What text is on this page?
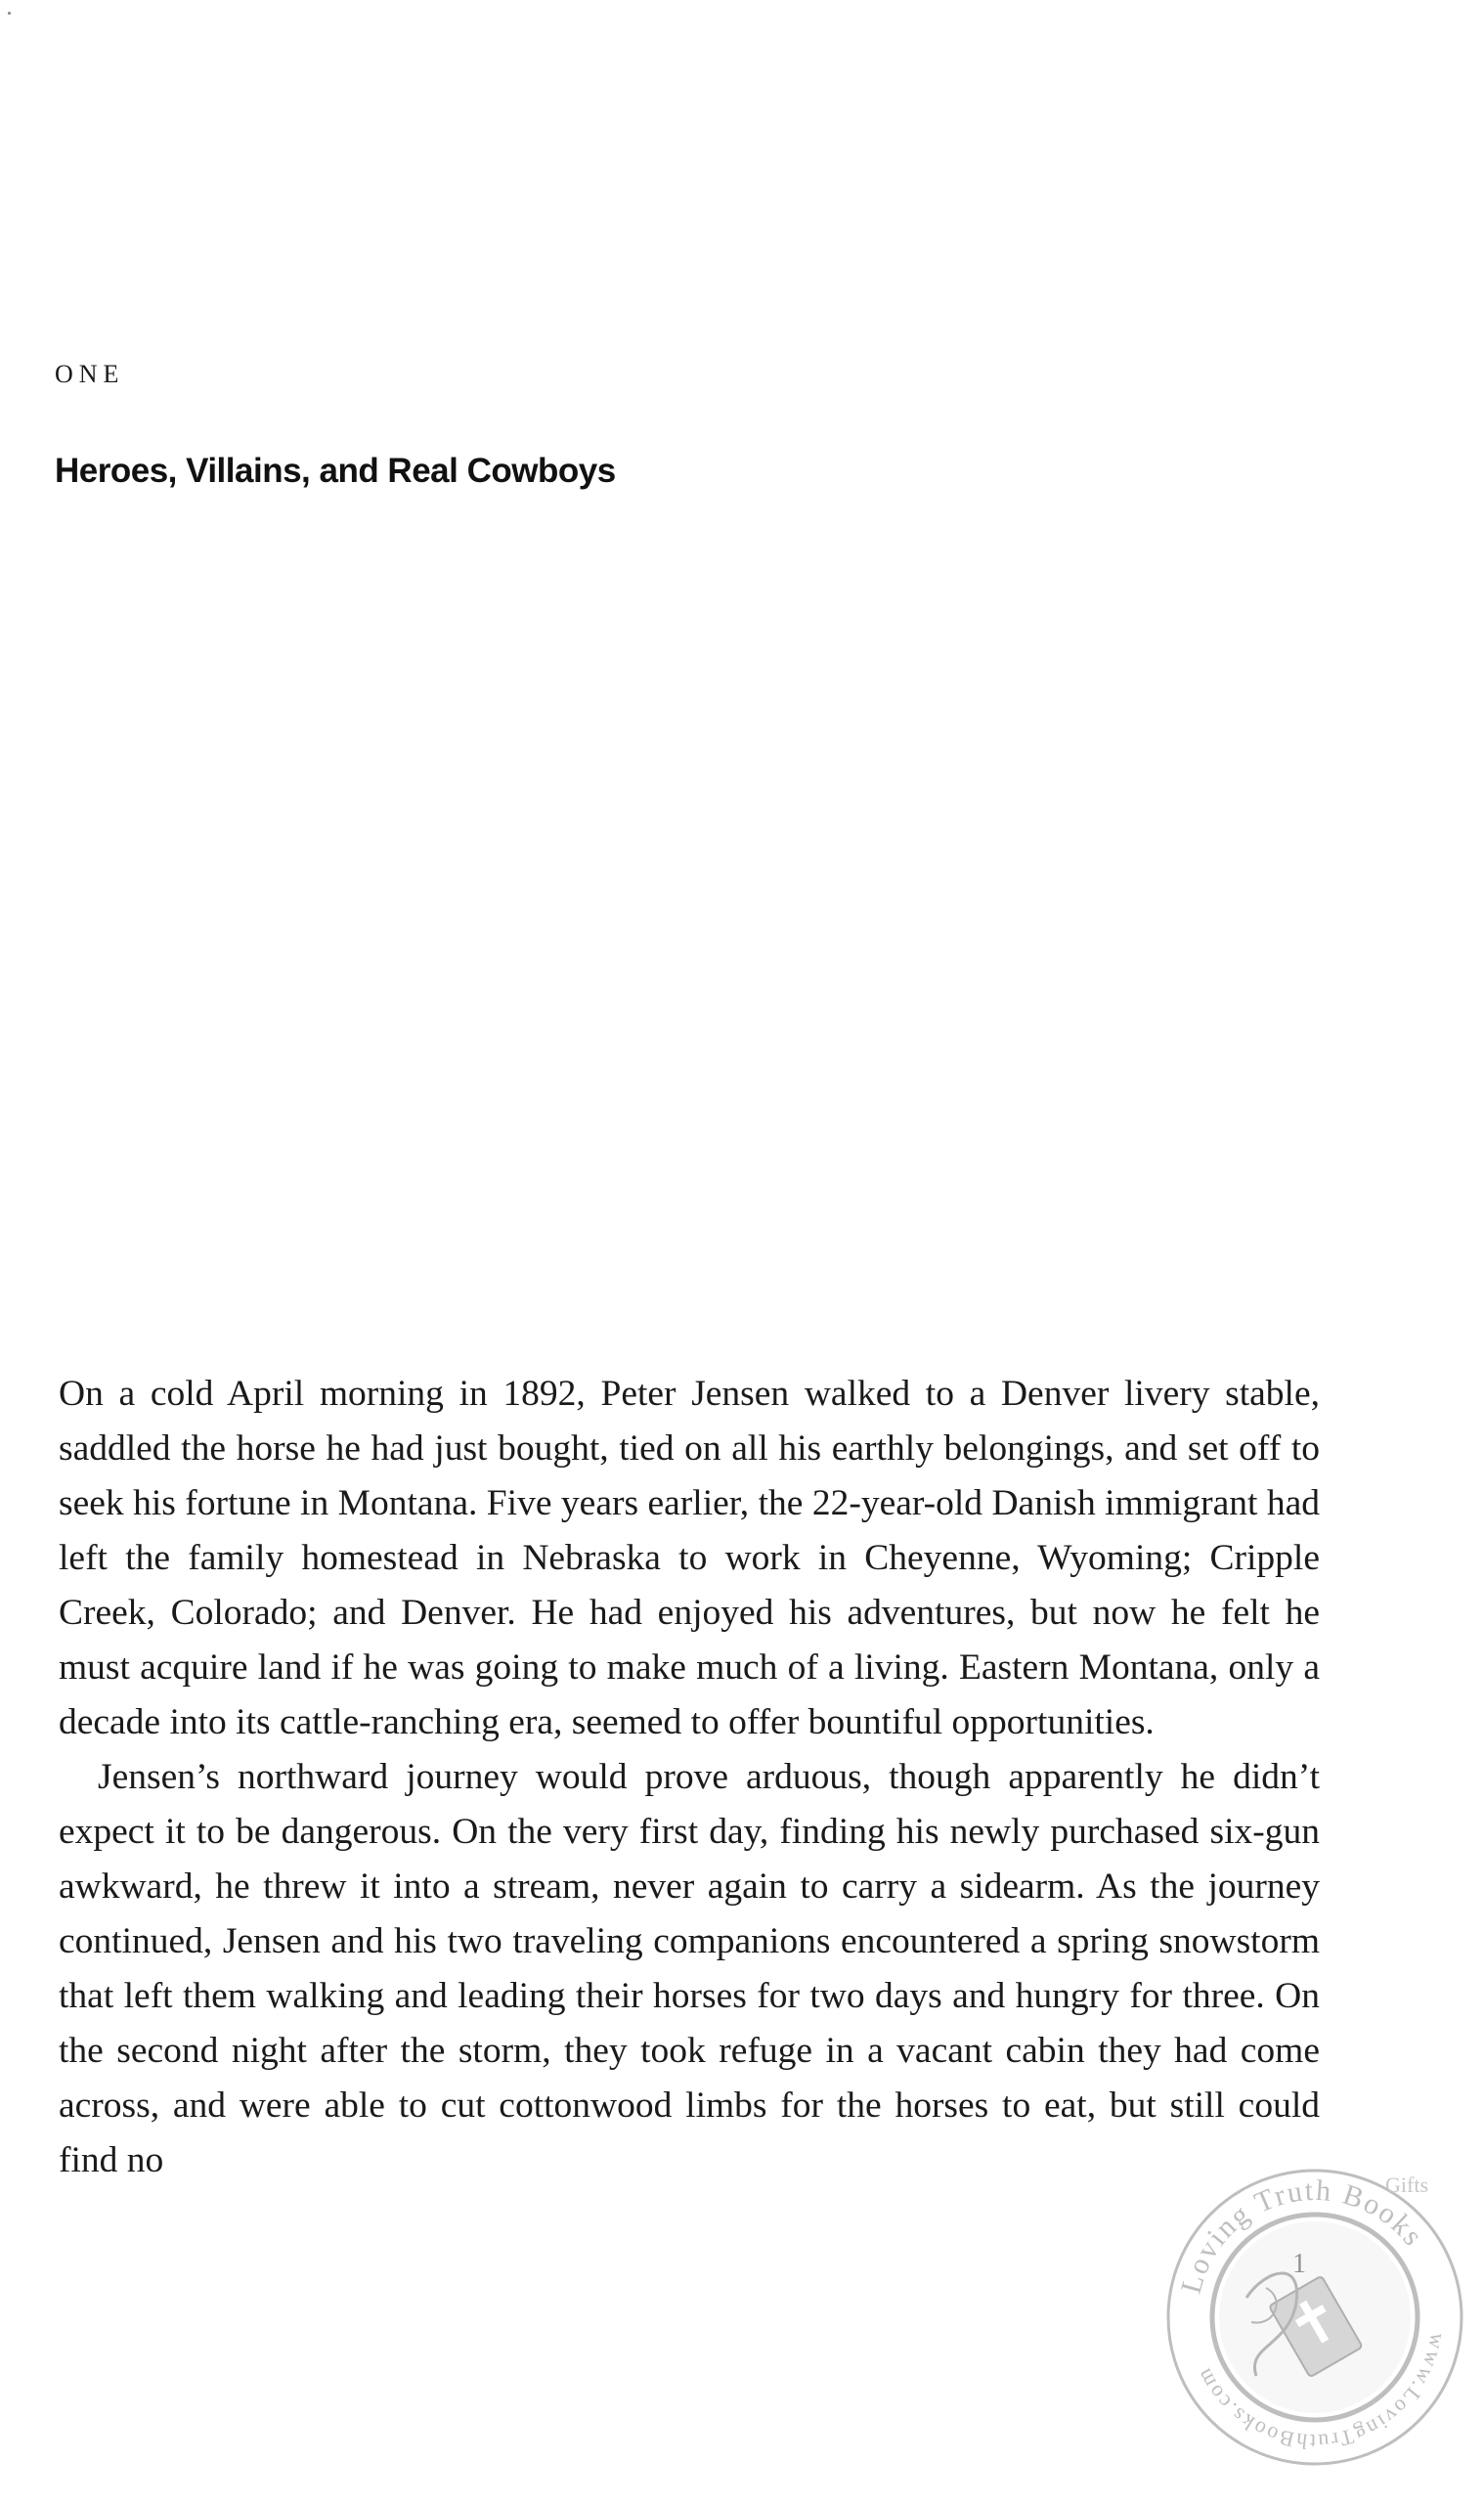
ONE
Heroes, Villains, and Real Cowboys

On a cold April morning in 1892, Peter Jensen walked to a Denver livery stable, saddled the horse he had just bought, tied on all his earthly belongings, and set off to seek his fortune in Montana. Five years earlier, the 22-year-old Danish immigrant had left the family homestead in Nebraska to work in Cheyenne, Wyoming; Cripple Creek, Colorado; and Denver. He had enjoyed his adventures, but now he felt he must acquire land if he was going to make much of a living. Eastern Montana, only a decade into its cattle-ranching era, seemed to offer bountiful opportunities.

Jensen’s northward journey would prove arduous, though apparently he didn’t expect it to be dangerous. On the very first day, finding his newly purchased six-gun awkward, he threw it into a stream, never again to carry a sidearm. As the journey continued, Jensen and his two traveling companions encountered a spring snowstorm that left them walking and leading their horses for two days and hungry for three. On the second night after the storm, they took refuge in a vacant cabin they had come across, and were able to cut cottonwood limbs for the horses to eat, but still could find no

Loving Truth Books
www.LovingTruthBooks.com
Gifts
